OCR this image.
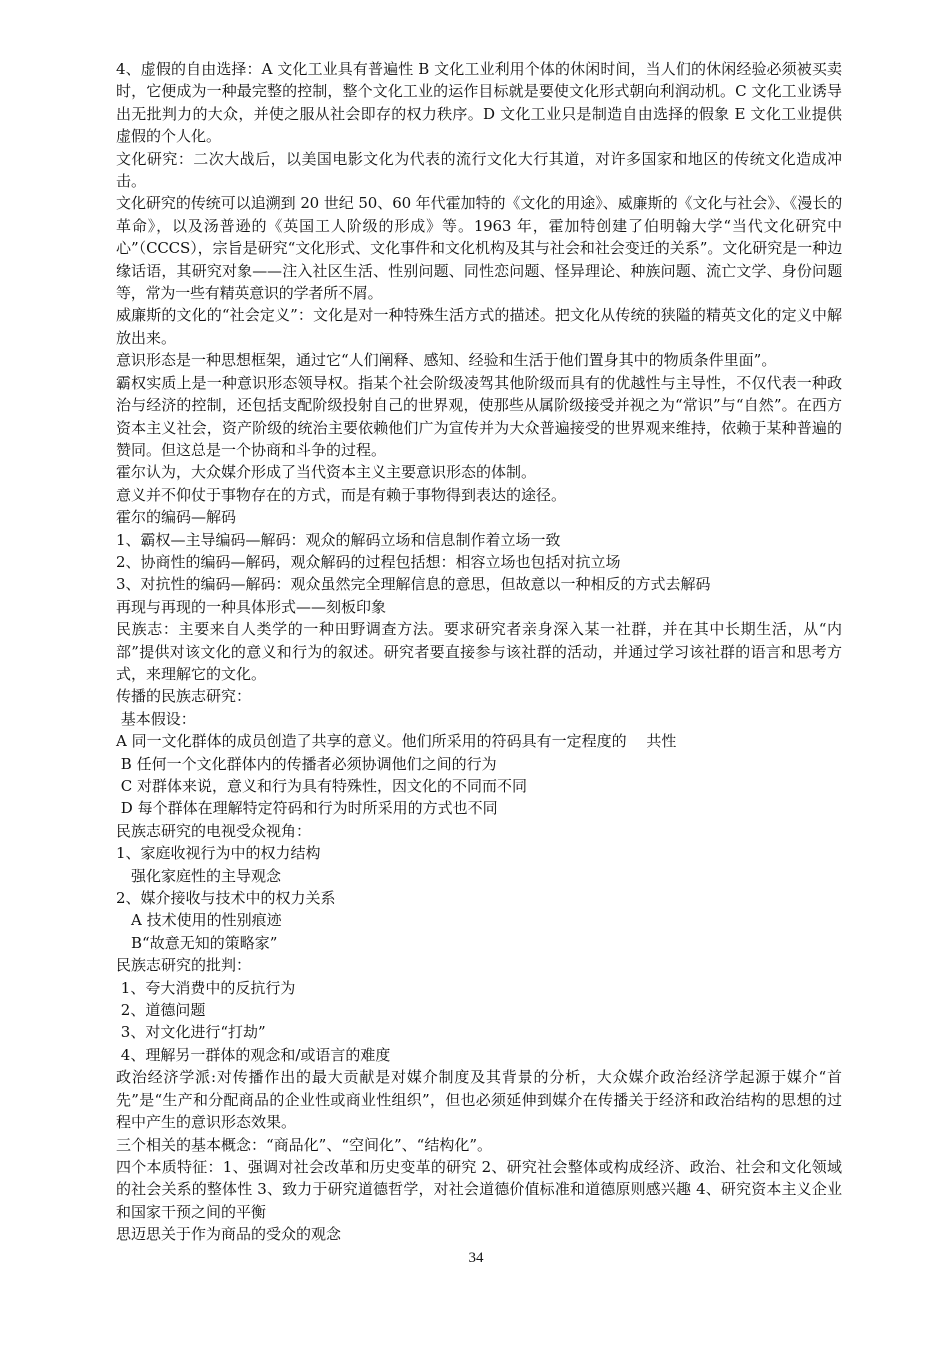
4、虚假的自由选择：A 文化工业具有普遍性 B 文化工业利用个体的休闲时间，当人们的休闲经验必须被买卖时，它便成为一种最完整的控制，整个文化工业的运作目标就是要使文化形式朝向利润动机。C 文化工业诱导出无批判力的大众，并使之服从社会即存的权力秩序。D 文化工业只是制造自由选择的假象 E 文化工业提供虚假的个人化。

文化研究：二次大战后，以美国电影文化为代表的流行文化大行其道，对许多国家和地区的传统文化造成冲击。

文化研究的传统可以追溯到 20 世纪 50、60 年代霍加特的《文化的用途》、威廉斯的《文化与社会》、《漫长的革命》，以及汤普逊的《英国工人阶级的形成》等。1963 年，霍加特创建了伯明翰大学“当代文化研究中心”（CCCS），宗旨是研究“文化形式、文化事件和文化机构及其与社会和社会变迁的关系”。文化研究是一种边缘话语，其研究对象——注入社区生活、性别问题、同性恋问题、怪异理论、种族问题、流亡文学、身份问题等，常为一些有精英意识的学者所不屑。

威廉斯的文化的“社会定义”：文化是对一种特殊生活方式的描述。把文化从传统的狭隘的精英文化的定义中解放出来。

意识形态是一种思想框架，通过它“人们阐释、感知、经验和生活于他们置身其中的物质条件里面”。

霸权实质上是一种意识形态领导权。指某个社会阶级凌驾其他阶级而具有的优越性与主导性，不仅代表一种政治与经济的控制，还包括支配阶级投射自己的世界观，使那些从属阶级接受并视之为“常识”与“自然”。在西方资本主义社会，资产阶级的统治主要依赖他们广为宣传并为大众普遍接受的世界观来维持，依赖于某种普遍的赞同。但这总是一个协商和斗争的过程。

霍尔认为，大众媒介形成了当代资本主义主要意识形态的体制。

意义并不仰仗于事物存在的方式，而是有赖于事物得到表达的途径。

霍尔的编码—解码

1、霸权—主导编码—解码：观众的解码立场和信息制作着立场一致

2、协商性的编码—解码，观众解码的过程包括想：相容立场也包括对抗立场

3、对抗性的编码—解码：观众虽然完全理解信息的意思，但故意以一种相反的方式去解码

再现与再现的一种具体形式——刻板印象

民族志：主要来自人类学的一种田野调查方法。要求研究者亲身深入某一社群，并在其中长期生活，从“内部”提供对该文化的意义和行为的叙述。研究者要直接参与该社群的活动，并通过学习该社群的语言和思考方式，来理解它的文化。

传播的民族志研究：

基本假设：

A 同一文化群体的成员创造了共享的意义。他们所采用的符码具有一定程度的　 共性

B 任何一个文化群体内的传播者必须协调他们之间的行为

C 对群体来说，意义和行为具有特殊性，因文化的不同而不同

D 每个群体在理解特定符码和行为时所采用的方式也不同

民族志研究的电视受众视角：

1、家庭收视行为中的权力结构

　强化家庭性的主导观念

2、媒介接收与技术中的权力关系

　A 技术使用的性别痕迹

　B“故意无知的策略家”

民族志研究的批判：

1、夸大消费中的反抗行为

2、道德问题

3、对文化进行“打劫”

4、理解另一群体的观念和/或语言的难度

政治经济学派:对传播作出的最大贡献是对媒介制度及其背景的分析，大众媒介政治经济学起源于媒介“首先”是“生产和分配商品的企业性或商业性组织”，但也必须延伸到媒介在传播关于经济和政治结构的思想的过程中产生的意识形态效果。

三个相关的基本概念：“商品化”、“空间化”、“结构化”。

四个本质特征：1、强调对社会改革和历史变革的研究 2、研究社会整体或构成经济、政治、社会和文化领域的社会关系的整体性 3、致力于研究道德哲学，对社会道德价值标准和道德原则感兴趣 4、研究资本主义企业和国家干预之间的平衡

思迈思关于作为商品的受众的观念

34
